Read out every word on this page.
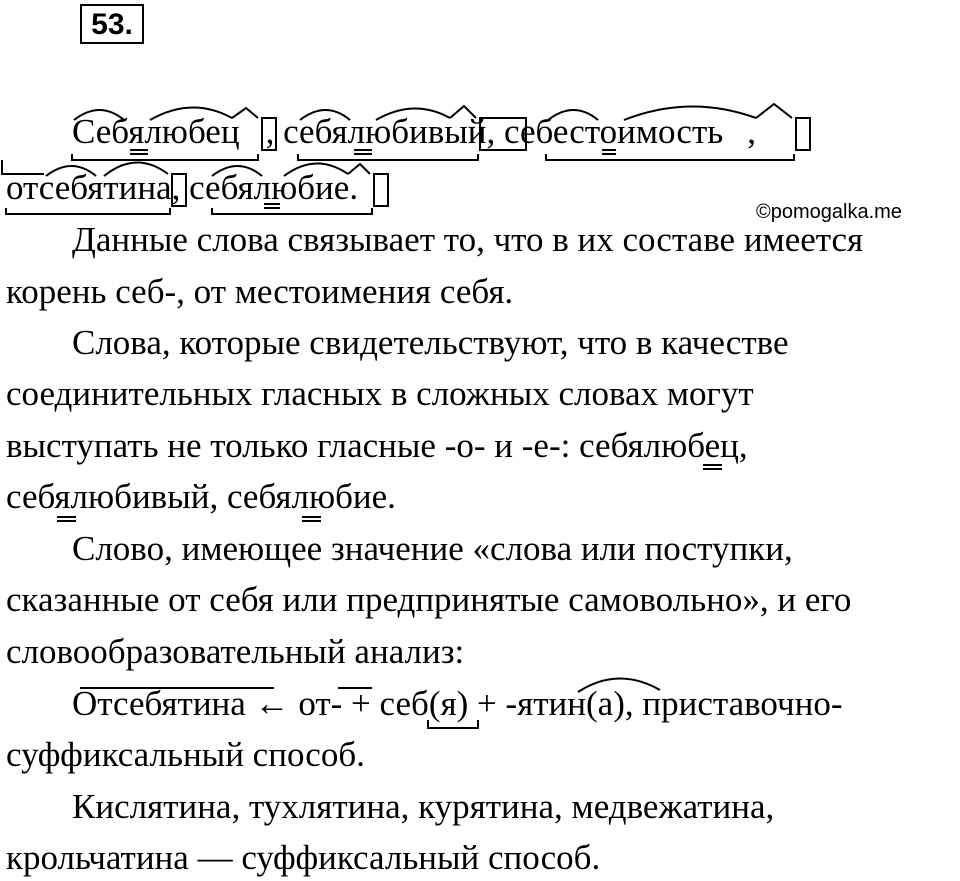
53.
Себялюбец , себялюбивый, себестоимость ,
отсебятина, себялюбие.
©pomogalka.me
Данные слова связывает то, что в их составе имеется
корень себ-, от местоимения себя.
Слова, которые свидетельствуют, что в качестве
соединительных гласных в сложных словах могут
выступать не только гласные -о- и -е-: себялюбец,
себялюбивый, себялюбие.
Слово, имеющее значение «слова или поступки,
сказанные от себя или предпринятые самовольно», и его
словообразовательный анализ:
Отсебятина ← от- + себ(я) + -ятин(а), приставочно-
суффиксальный способ.
Кислятина, тухлятина, курятина, медвежатина,
крольчатина — суффиксальный способ.
